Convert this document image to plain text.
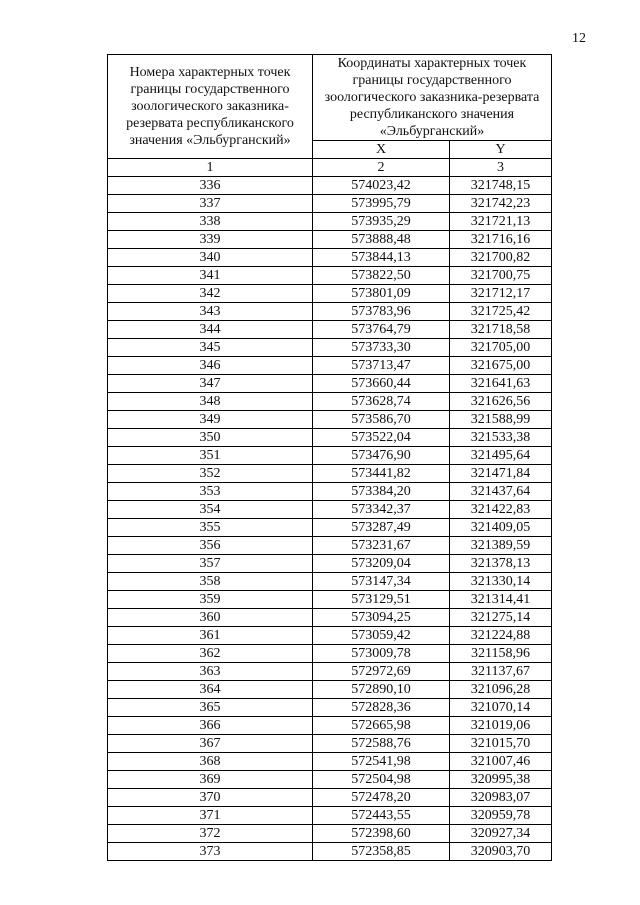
12
Номера характерных точек границы государственного зоологического заказника-резервата республиканского значения «Эльбурганский»	Координаты характерных точек границы государственного зоологического заказника-резервата республиканского значения «Эльбурганский»	
	X	Y
1	2	3
336	574023,42	321748,15
337	573995,79	321742,23
338	573935,29	321721,13
339	573888,48	321716,16
340	573844,13	321700,82
341	573822,50	321700,75
342	573801,09	321712,17
343	573783,96	321725,42
344	573764,79	321718,58
345	573733,30	321705,00
346	573713,47	321675,00
347	573660,44	321641,63
348	573628,74	321626,56
349	573586,70	321588,99
350	573522,04	321533,38
351	573476,90	321495,64
352	573441,82	321471,84
353	573384,20	321437,64
354	573342,37	321422,83
355	573287,49	321409,05
356	573231,67	321389,59
357	573209,04	321378,13
358	573147,34	321330,14
359	573129,51	321314,41
360	573094,25	321275,14
361	573059,42	321224,88
362	573009,78	321158,96
363	572972,69	321137,67
364	572890,10	321096,28
365	572828,36	321070,14
366	572665,98	321019,06
367	572588,76	321015,70
368	572541,98	321007,46
369	572504,98	320995,38
370	572478,20	320983,07
371	572443,55	320959,78
372	572398,60	320927,34
373	572358,85	320903,70
